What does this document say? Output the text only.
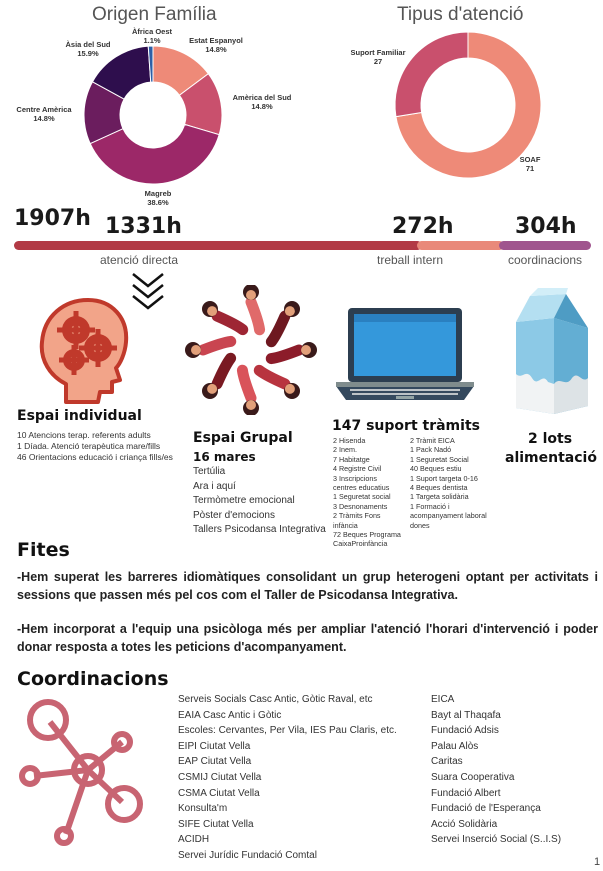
Origen Família
Àfrica Oest
1.1%	Estat Espanyol
14.8%
Àsia del Sud
15.9%
Amèrica del Sud
14.8%
Centre Amèrica
14.8%
Magreb
38.6%
Tipus d'atenció
Suport Familiar
27
SOAF
71
1907h 1331h	272h	304h
atenció directa	treball intern	coordinacions
Espai individual
10 Atencions terap. referents adults
1 Díada. Atenció terapèutica mare/fills
46 Orientacions educació i criança fills/es
Espai Grupal
16 mares
Tertúlia
Ara i aquí
Termòmetre emocional
Pòster d'emocions
Tallers Psicodansa Integrativa
147 suport tràmits
2 Hisenda
2 Inem.
7 Habitatge
4 Registre Civil
3 Inscripcions
centres educatius
1 Seguretat social
3 Desnonaments
2 Tràmits Fons
infància
72 Beques Programa
CaixaProinfància
2 Tràmit EICA
1 Pack Nadó
1 Seguretat Social
40 Beques estiu
1 Suport targeta 0-16
4 Beques dentista
1 Targeta solidària
1 Formació i
acompanyament laboral
dones
2 lots
alimentació
Fites
-Hem superat les barreres idiomàtiques consolidant un grup heterogeni optant per activitats i sessions que passen més pel cos com el Taller de Psicodansa Integrativa.
-Hem incorporat a l'equip una psicòloga més per ampliar l'atenció l'horari d'intervenció i poder donar resposta a totes les peticions d'acompanyament.
Coordinacions
Serveis Socials Casc Antic, Gòtic Raval, etc
EAIA Casc Antic i Gòtic
Escoles: Cervantes, Per Vila, IES Pau Claris, etc.
EIPI Ciutat Vella
EAP Ciutat Vella
CSMIJ Ciutat Vella
CSMA Ciutat Vella
Konsulta'm
SIFE Ciutat Vella
ACIDH
Servei Jurídic Fundació Comtal
EICA
Bayt al Thaqafa
Fundació Adsis
Palau Alòs
Caritas
Suara Cooperativa
Fundació Albert
Fundació de l'Esperança
Acció Solidària
Servei Inserció Social (S..I.S)
1
